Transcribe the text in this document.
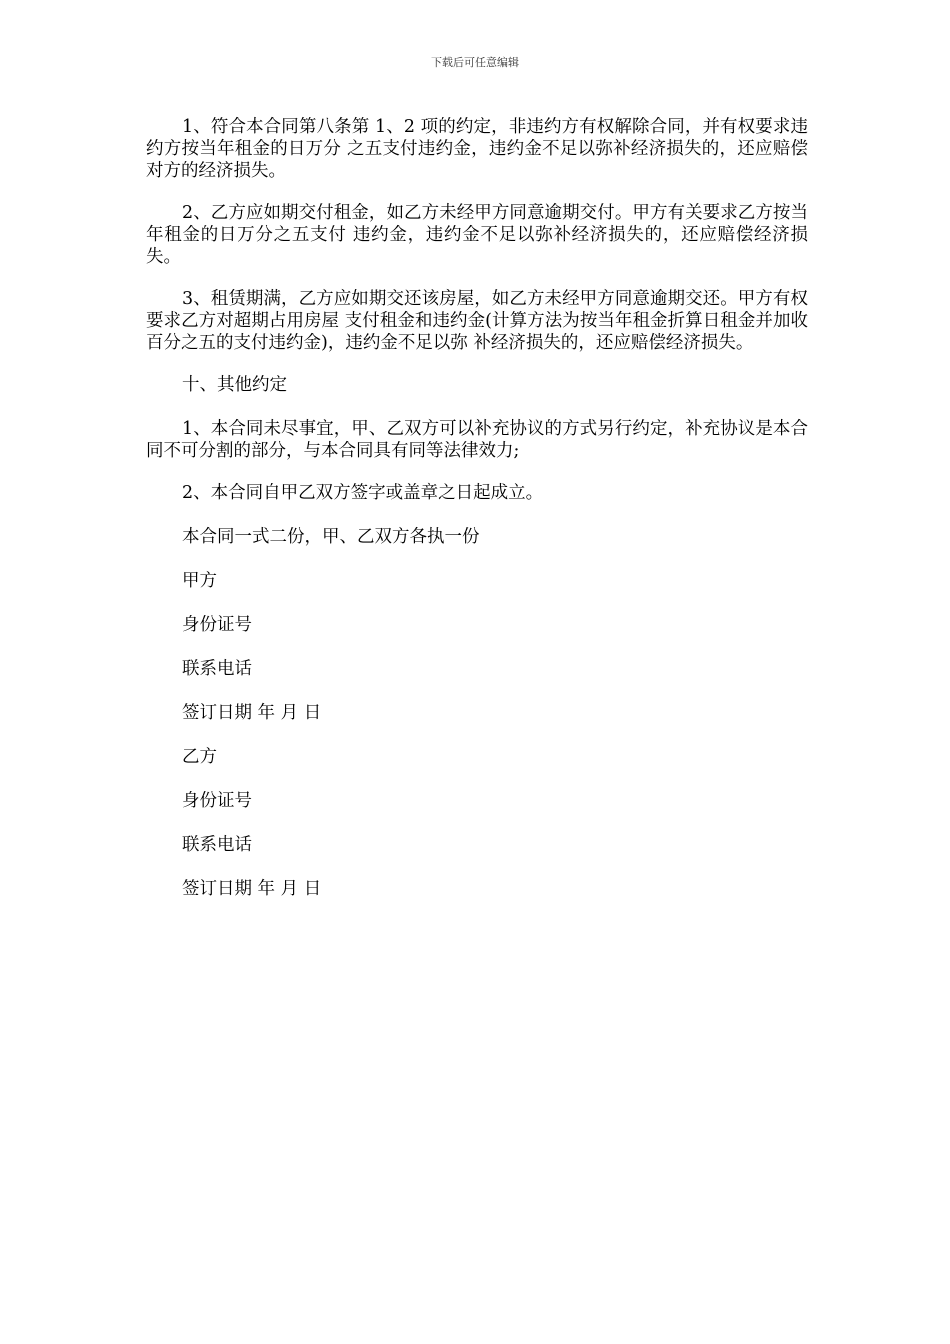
下载后可任意编辑

1、符合本合同第八条第 1、2 项的约定，非违约方有权解除合同，并有权要求违约方按当年租金的日万分 之五支付违约金，违约金不足以弥补经济损失的，还应赔偿对方的经济损失。

2、乙方应如期交付租金，如乙方未经甲方同意逾期交付。甲方有关要求乙方按当年租金的日万分之五支付 违约金，违约金不足以弥补经济损失的，还应赔偿经济损失。

3、租赁期满，乙方应如期交还该房屋，如乙方未经甲方同意逾期交还。甲方有权要求乙方对超期占用房屋 支付租金和违约金(计算方法为按当年租金折算日租金并加收百分之五的支付违约金)，违约金不足以弥 补经济损失的，还应赔偿经济损失。

十、其他约定

1、本合同未尽事宜，甲、乙双方可以补充协议的方式另行约定，补充协议是本合同不可分割的部分，与本合同具有同等法律效力;

2、本合同自甲乙双方签字或盖章之日起成立。

本合同一式二份，甲、乙双方各执一份

甲方

身份证号

联系电话

签订日期 年 月 日

乙方

身份证号

联系电话

签订日期 年 月 日
